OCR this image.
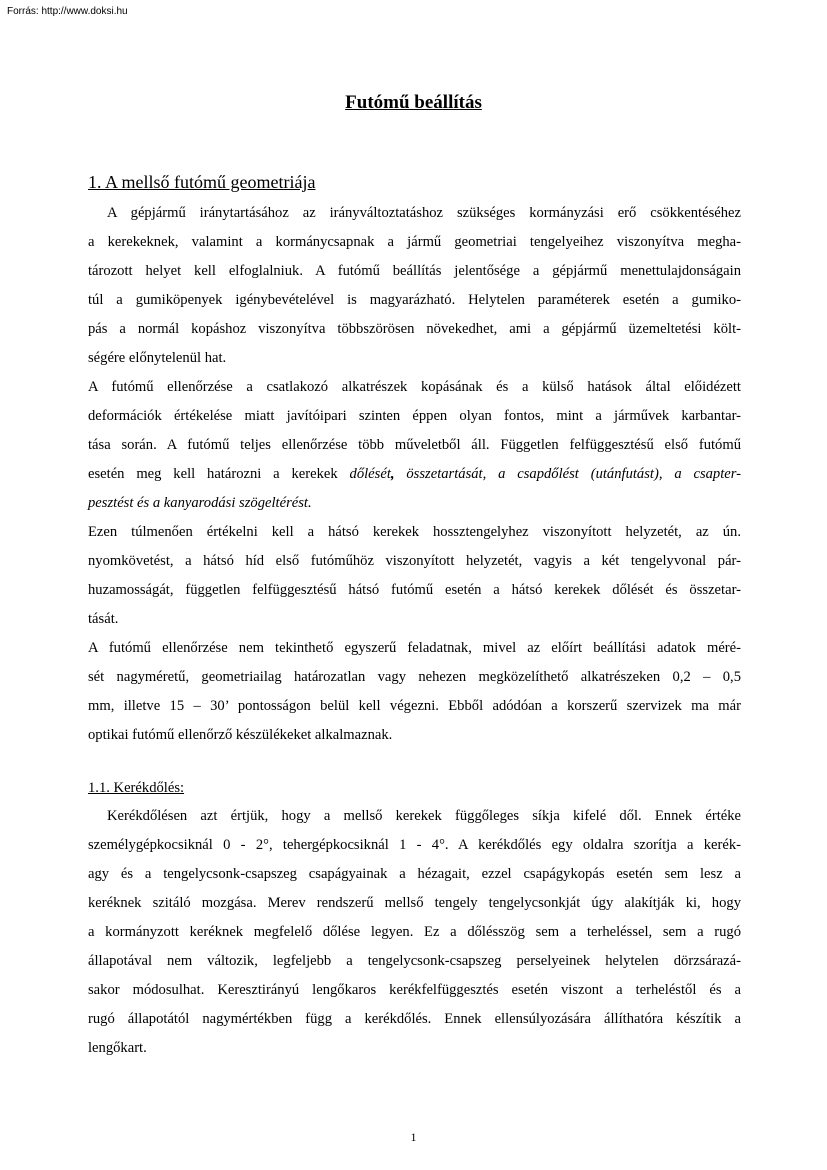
Forrás: http://www.doksi.hu
Futómű beállítás
1. A mellső futómű geometriája
A gépjármű iránytartásához az irányváltoztatáshoz szükséges kormányzási erő csökkentéséhez
a kerekeknek, valamint a kormánycsapnak a jármű geometriai tengelyeihez viszonyítva megha-
tározott helyet kell elfoglalniuk. A futómű beállítás jelentősége a gépjármű menettulajdonságain
túl a gumiköpenyek igénybevételével is magyarázható. Helytelen paraméterek esetén a gumiko-
pás a normál kopáshoz viszonyítva többszörösen növekedhet, ami a gépjármű üzemeltetési költ-
ségére előnytelenül hat.
A futómű ellenőrzése a csatlakozó alkatrészek kopásának és a külső hatások által előidézett
deformációk értékelése miatt javítóipari szinten éppen olyan fontos, mint a járművek karbantar-
tása során. A futómű teljes ellenőrzése több műveletből áll. Független felfüggesztésű első futómű
esetén meg kell határozni a kerekek dőlését, összetartását, a csapdőlést (utánfutást), a csapter-
pesztést és a kanyarodási szögeltérést.
Ezen túlmenően értékelni kell a hátsó kerekek hossztengelyhez viszonyított helyzetét, az ún.
nyomkövetést, a hátsó híd első futóműhöz viszonyított helyzetét, vagyis a két tengelyvonal pár-
huzamosságát, független felfüggesztésű hátsó futómű esetén a hátsó kerekek dőlését és összetar-
tását.
A futómű ellenőrzése nem tekinthető egyszerű feladatnak, mivel az előírt beállítási adatok méré-
sét nagyméretű, geometriailag határozatlan vagy nehezen megközelíthető alkatrészeken 0,2 – 0,5
mm, illetve 15 – 30’ pontosságon belül kell végezni. Ebből adódóan a korszerű szervizek ma már
optikai futómű ellenőrző készülékeket alkalmaznak.
1.1. Kerékdőlés:
Kerékdőlésen azt értjük, hogy a mellső kerekek függőleges síkja kifelé dől. Ennek értéke
személygépkocsiknál 0 - 2°, tehergépkocsiknál 1 - 4°. A kerékdőlés egy oldalra szorítja a kerék-
agy és a tengelycsonk-csapszeg csapágyainak a hézagait, ezzel csapágykopás esetén sem lesz a
keréknek szitáló mozgása. Merev rendszerű mellső tengely tengelycsonkját úgy alakítják ki, hogy
a kormányzott keréknek megfelelő dőlése legyen. Ez a dőlésszög sem a terheléssel, sem a rugó
állapotával nem változik, legfeljebb a tengelycsonk-csapszeg perselyeinek helytelen dörzsárazá-
sakor módosulhat. Keresztirányú lengőkaros kerékfelfüggesztés esetén viszont a terheléstől és a
rugó állapotától nagymértékben függ a kerékdőlés. Ennek ellensúlyozására állíthatóra készítik a
lengőkart.
1
